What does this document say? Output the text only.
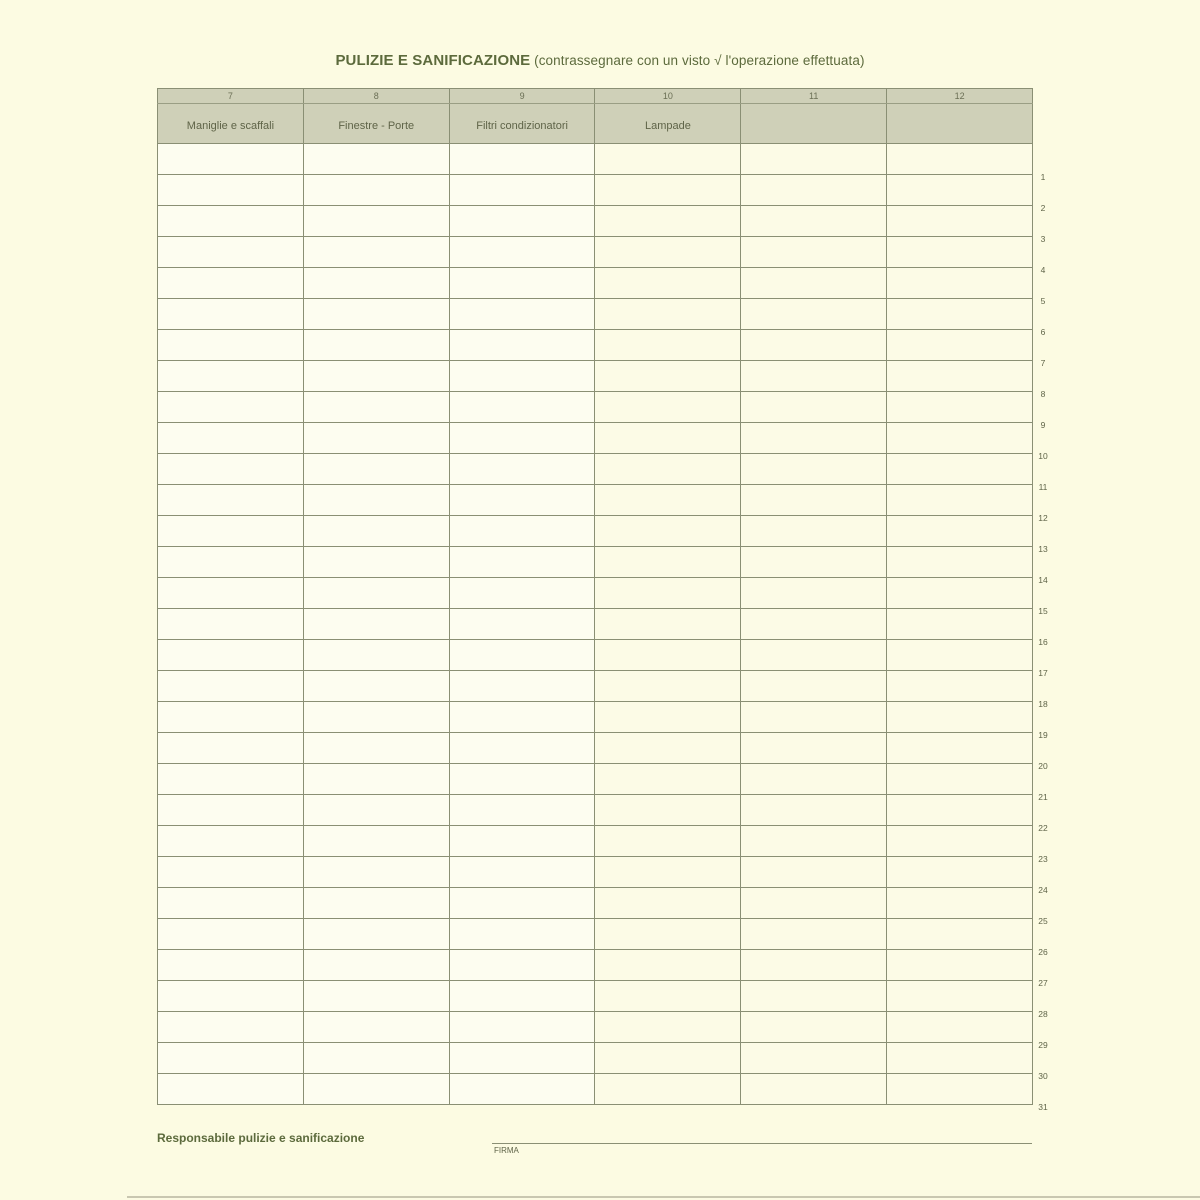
PULIZIE E SANIFICAZIONE (contrassegnare con un visto √ l'operazione effettuata)
7	8	9	10	11	12
Maniglie e scaffali	Finestre - Porte	Filtri condizionatori	Lampade		

1
2
3
4
5
6
7
8
9
10
11
12
13
14
15
16
17
18
19
20
21
22
23
24
25
26
27
28
29
30
31
Responsabile pulizie e sanificazione
FIRMA
